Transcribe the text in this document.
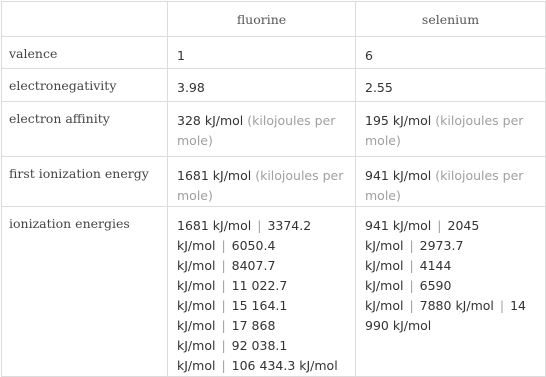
	fluorine	selenium
valence	1	6
electronegativity	3.98	2.55
electron affinity	328 kJ/mol (kilojoules per mole)	195 kJ/mol (kilojoules per mole)
first ionization energy	1681 kJ/mol (kilojoules per mole)	941 kJ/mol (kilojoules per mole)
ionization energies	1681 kJ/mol | 3374.2 kJ/mol | 6050.4 kJ/mol | 8407.7 kJ/mol | 11 022.7 kJ/mol | 15 164.1 kJ/mol | 17 868 kJ/mol | 92 038.1 kJ/mol | 106 434.3 kJ/mol	941 kJ/mol | 2045 kJ/mol | 2973.7 kJ/mol | 4144 kJ/mol | 6590 kJ/mol | 7880 kJ/mol | 14 990 kJ/mol
